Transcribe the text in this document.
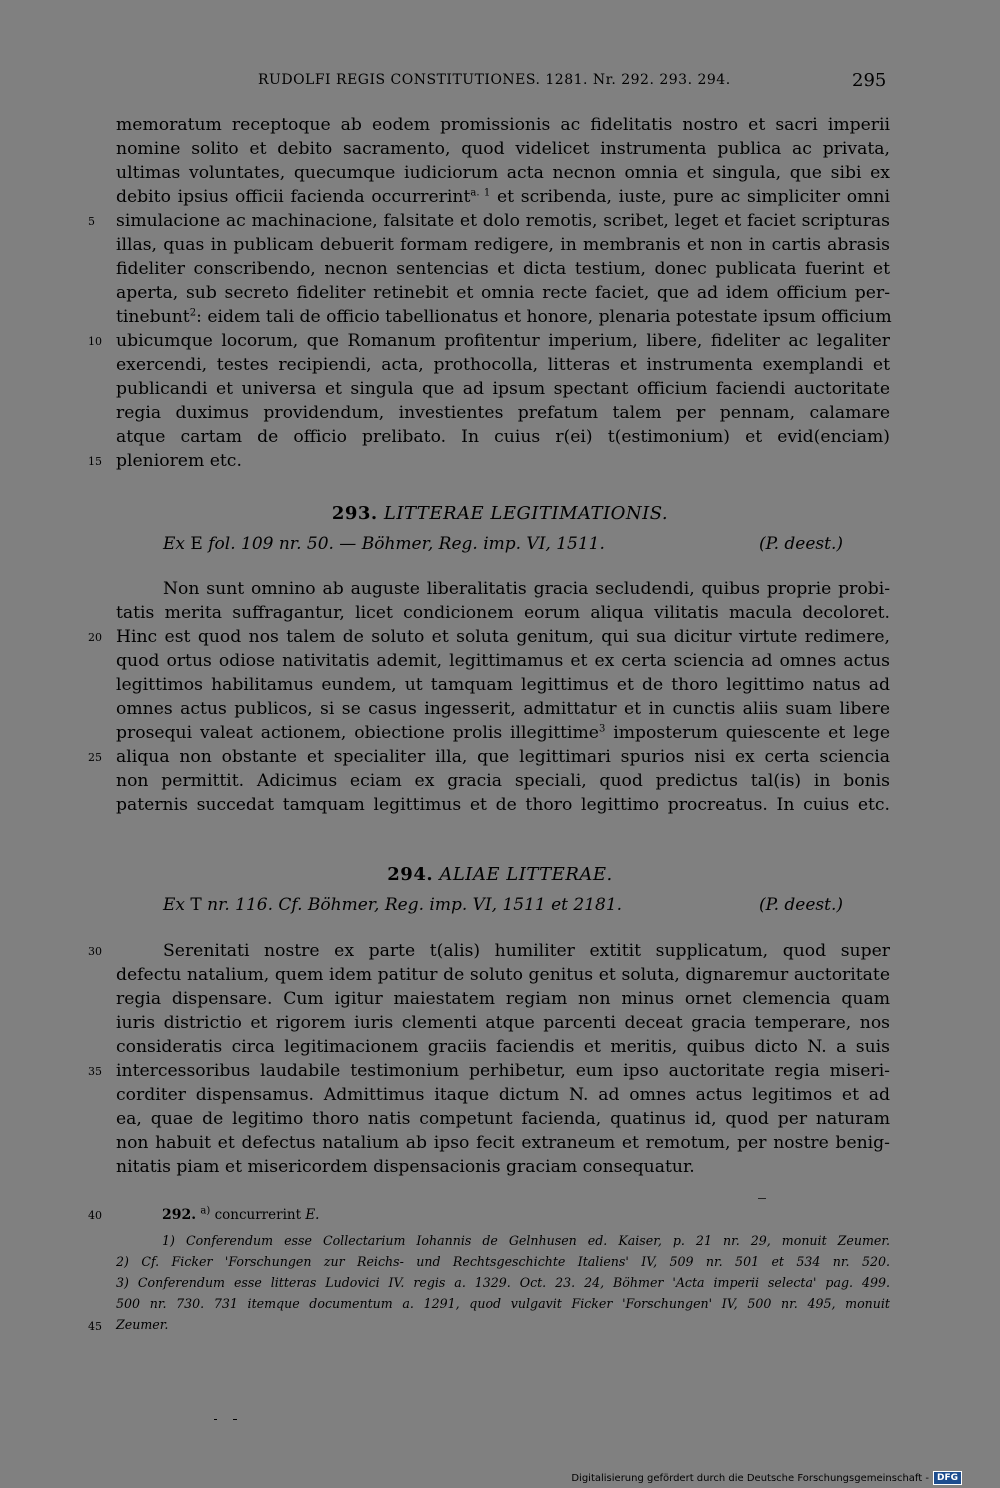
RUDOLFI REGIS CONSTITUTIONES. 1281. Nr. 292. 293. 294.	295
memoratum receptoque ab eodem promissionis ac fidelitatis nostro et sacri imperii
nomine solito et debito sacramento, quod videlicet instrumenta publica ac privata,
ultimas voluntates, quecumque iudiciorum acta necnon omnia et singula, que sibi ex
debito ipsius officii facienda occurrerint$^{a. 1}$ et scribenda, iuste, pure ac simpliciter omni
simulacione ac machinacione, falsitate et dolo remotis, scribet, leget et faciet scripturas
illas, quas in publicam debuerit formam redigere, in membranis et non in cartis abrasis
fideliter conscribendo, necnon sentencias et dicta testium, donec publicata fuerint et
aperta, sub secreto fideliter retinebit et omnia recte faciet, que ad idem officium per-
tinebunt$^2$: eidem tali de officio tabellionatus et honore, plenaria potestate ipsum officium
ubicumque locorum, que Romanum profitentur imperium, libere, fideliter ac legaliter
exercendi, testes recipiendi, acta, prothocolla, litteras et instrumenta exemplandi et
publicandi et universa et singula que ad ipsum spectant officium faciendi auctoritate
regia duximus providendum, investientes prefatum talem per pennam, calamare
atque cartam de officio prelibato. In cuius r(ei) t(estimonium) et evid(enciam)
pleniorem etc.
293. LITTERAE LEGITIMATIONIS.
Ex E fol. 109 nr. 50. — Böhmer, Reg. imp. VI, 1511.	(P. deest.)
Non sunt omnino ab auguste liberalitatis gracia secludendi, quibus proprie probi-
tatis merita suffragantur, licet condicionem eorum aliqua vilitatis macula decoloret.
Hinc est quod nos talem de soluto et soluta genitum, qui sua dicitur virtute redimere,
quod ortus odiose nativitatis ademit, legittimamus et ex certa sciencia ad omnes actus
legittimos habilitamus eundem, ut tamquam legittimus et de thoro legittimo natus ad
omnes actus publicos, si se casus ingesserit, admittatur et in cunctis aliis suam libere
prosequi valeat actionem, obiectione prolis illegittime$^3$ imposterum quiescente et lege
aliqua non obstante et specialiter illa, que legittimari spurios nisi ex certa sciencia
non permittit. Adicimus eciam ex gracia speciali, quod predictus tal(is) in bonis
paternis succedat tamquam legittimus et de thoro legittimo procreatus. In cuius etc.
294. ALIAE LITTERAE.
Ex T nr. 116. Cf. Böhmer, Reg. imp. VI, 1511 et 2181.	(P. deest.)
Serenitati nostre ex parte t(alis) humiliter extitit supplicatum, quod super
defectu natalium, quem idem patitur de soluto genitus et soluta, dignaremur auctoritate
regia dispensare. Cum igitur maiestatem regiam non minus ornet clemencia quam
iuris districtio et rigorem iuris clementi atque parcenti deceat gracia temperare, nos
consideratis circa legitimacionem graciis faciendis et meritis, quibus dicto N. a suis
intercessoribus laudabile testimonium perhibetur, eum ipso auctoritate regia miseri-
corditer dispensamus. Admittimus itaque dictum N. ad omnes actus legitimos et ad
ea, quae de legitimo thoro natis competunt facienda, quatinus id, quod per naturam
non habuit et defectus natalium ab ipso fecit extraneum et remotum, per nostre benig-
nitatis piam et misericordem dispensacionis graciam consequatur.
292. $^{a)}$ concurrerint E.
1) Conferendum esse Collectarium Iohannis de Gelnhusen ed. Kaiser, p. 21 nr. 29, monuit Zeumer.
2) Cf. Ficker 'Forschungen zur Reichs- und Rechtsgeschichte Italiens' IV, 509 nr. 501 et 534 nr. 520.
3) Conferendum esse litteras Ludovici IV. regis a. 1329. Oct. 23. 24, Böhmer 'Acta imperii selecta' pag. 499.
500 nr. 730. 731 itemque documentum a. 1291, quod vulgavit Ficker 'Forschungen' IV, 500 nr. 495, monuit
Zeumer.
5
10
15
20
25
30
35
40
45
Digitalisierung gefördert durch die Deutsche Forschungsgemeinschaft - DFG
